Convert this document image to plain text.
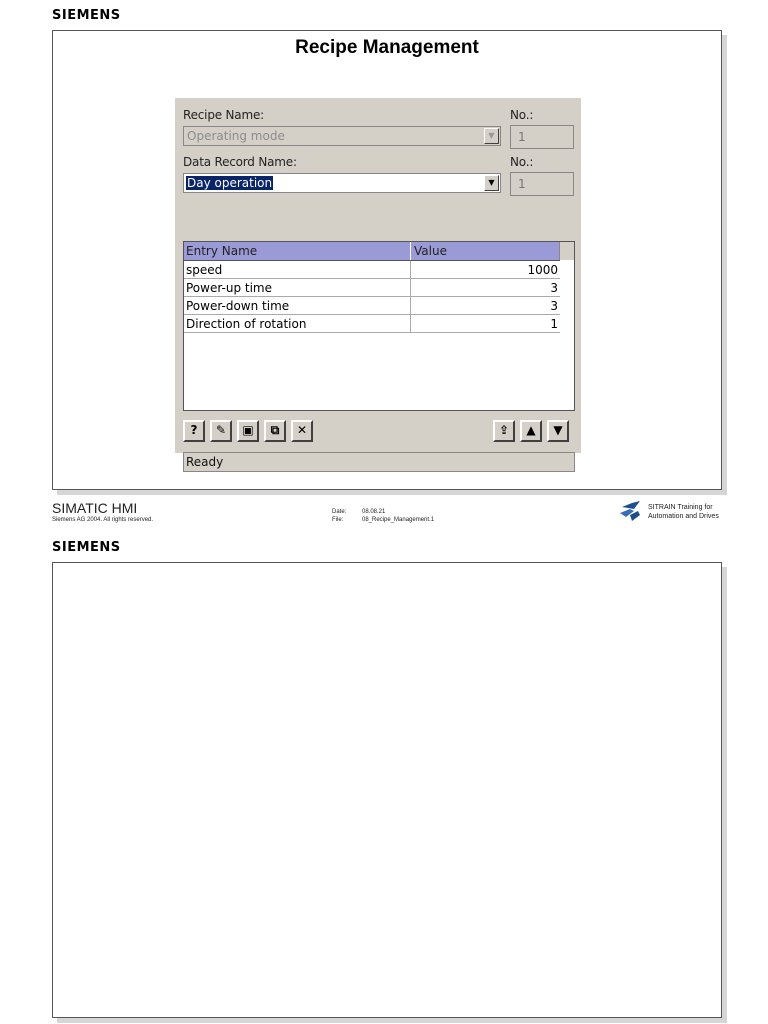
SIEMENS
Recipe Management
Recipe Name:	No.:
Operating mode	▼	1
Data Record Name:	No.:
Day operation	▼	1
Entry Name	Value
speed	1000
Power-up time	3
Power-down time	3
Direction of rotation	1
?	✎	▣	⧉	✕	⇪	▲	▼
Ready
SIMATIC HMI
Siemens AG 2004. All rights reserved.
Date:	08.08.21
File:	08_Recipe_Management.1
SITRAIN Training for
Automation and Drives
SIEMENS
